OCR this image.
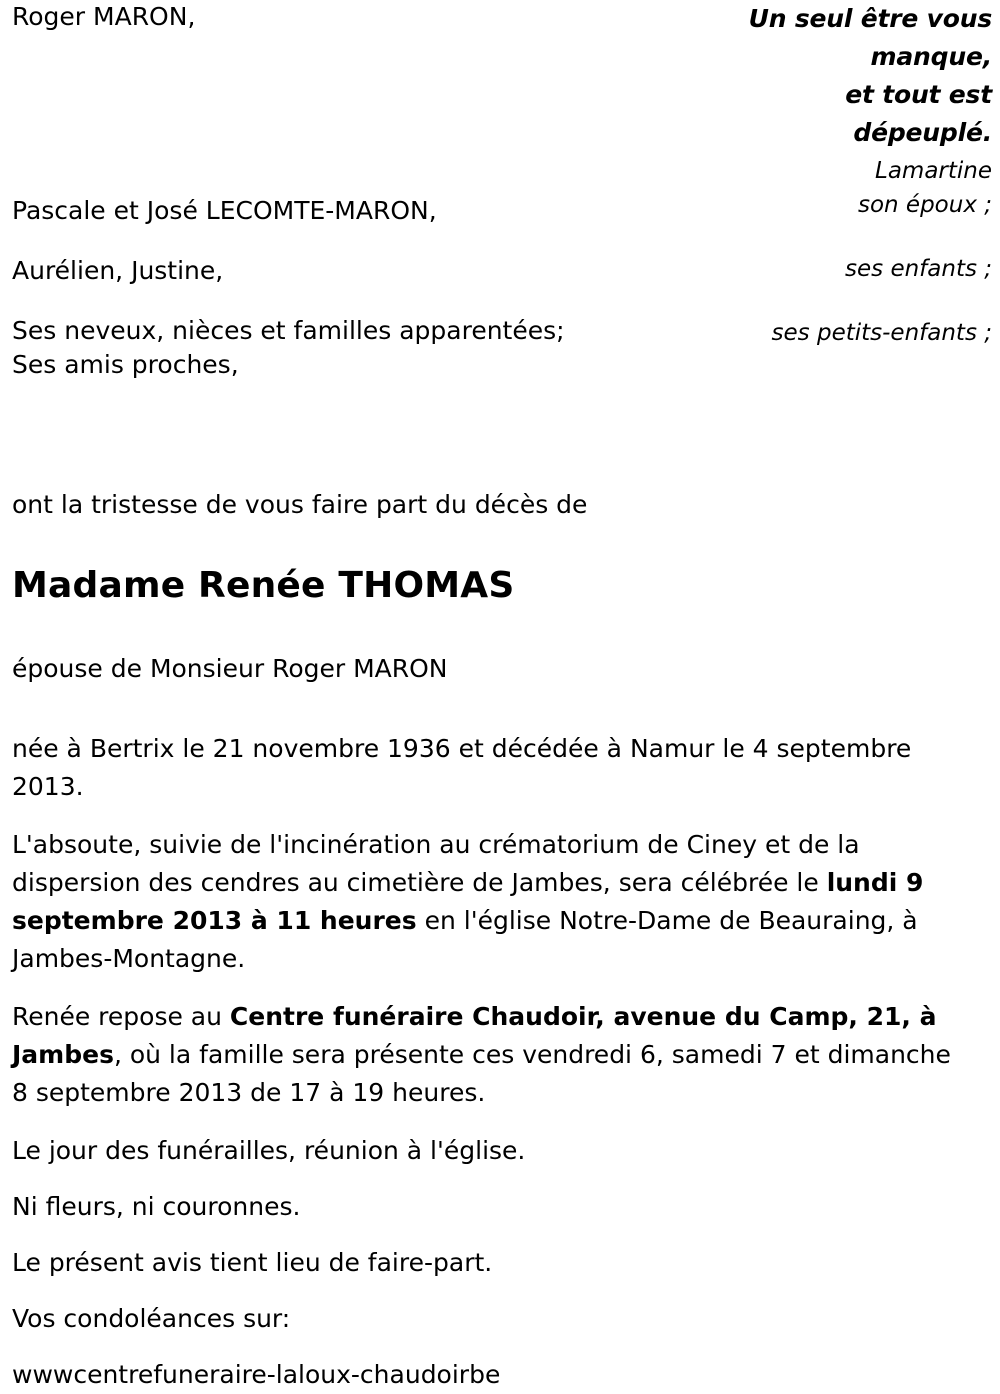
Roger MARON,
Pascale et José LECOMTE-MARON,
Aurélien, Justine,
Ses neveux, nièces et familles apparentées;
Ses amis proches,
Un seul être vous
manque,
et tout est
dépeuplé.
Lamartine
son époux ;
ses enfants ;
ses petits-enfants ;
ont la tristesse de vous faire part du décès de
Madame Renée THOMAS
épouse de Monsieur Roger MARON
née à Bertrix le 21 novembre 1936 et décédée à Namur le 4 septembre 2013.
L'absoute, suivie de l'incinération au crématorium de Ciney et de la dispersion des cendres au cimetière de Jambes, sera célébrée le lundi 9 septembre 2013 à 11 heures en l'église Notre-Dame de Beauraing, à Jambes-Montagne.
Renée repose au Centre funéraire Chaudoir, avenue du Camp, 21, à Jambes, où la famille sera présente ces vendredi 6, samedi 7 et dimanche 8 septembre 2013 de 17 à 19 heures.
Le jour des funérailles, réunion à l'église.
Ni fleurs, ni couronnes.
Le présent avis tient lieu de faire-part.
Vos condoléances sur:
wwwcentrefuneraire-laloux-chaudoirbe
